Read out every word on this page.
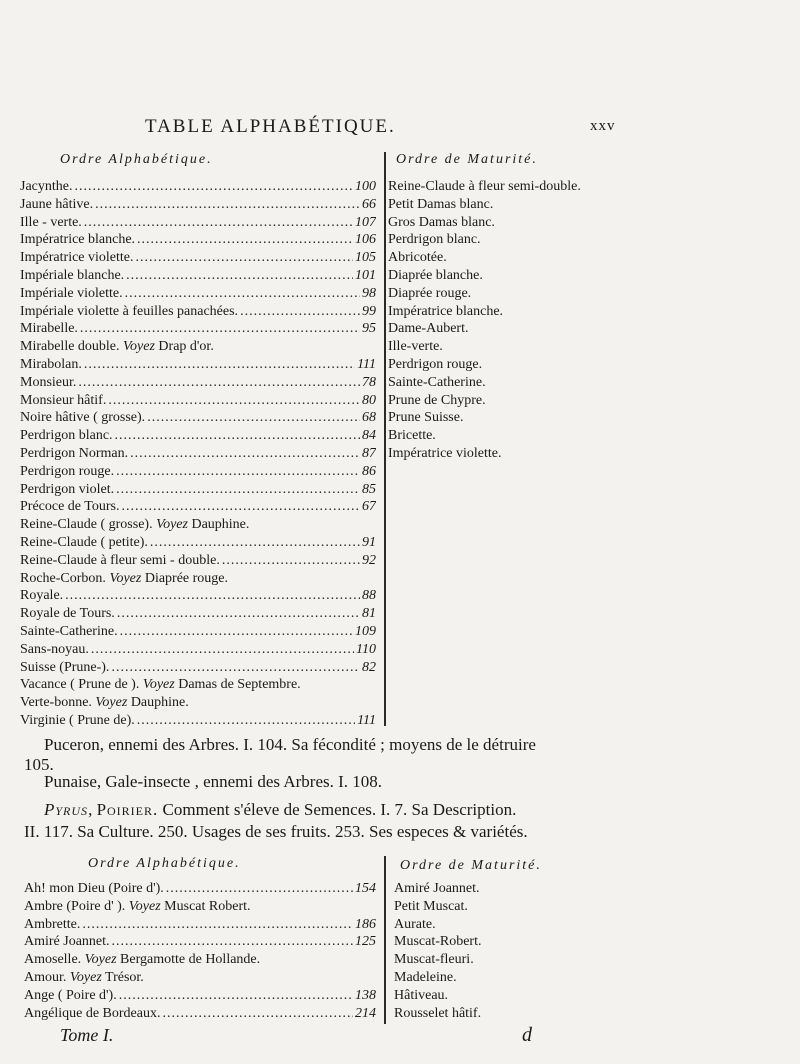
TABLE ALPHABÉTIQUE.	xxv
Ordre Alphabétique.	Ordre de Maturité.
Jacynthe. .....	100
Jaune hâtive. .....	66
Ille - verte. .....	107
Impératrice blanche. .....	106
Impératrice violette. .....	105
Impériale blanche. .....	101
Impériale violette. .....	98
Impériale violette à feuilles panachées. .....	99
Mirabelle. .....	95
Mirabelle double. Voyez Drap d'or.
Mirabolan. .....	111
Monsieur. .....	78
Monsieur hâtif. .....	80
Noire hâtive ( grosse). .....	68
Perdrigon blanc. .....	84
Perdrigon Norman. .....	87
Perdrigon rouge. .....	86
Perdrigon violet. .....	85
Précoce de Tours. .....	67
Reine-Claude ( grosse). Voyez Dauphine.
Reine-Claude ( petite). .....	91
Reine-Claude à fleur semi - double. .....	92
Roche-Corbon. Voyez Diaprée rouge.
Royale. .....	88
Royale de Tours. .....	81
Sainte-Catherine. .....	109
Sans-noyau. .....	110
Suisse (Prune-). .....	82
Vacance ( Prune de ). Voyez Damas de Septembre.
Verte-bonne. Voyez Dauphine.
Virginie ( Prune de). .....	111
Reine-Claude à fleur semi-double.
Petit Damas blanc.
Gros Damas blanc.
Perdrigon blanc.
Abricotée.
Diaprée blanche.
Diaprée rouge.
Impératrice blanche.
Dame-Aubert.
Ille-verte.
Perdrigon rouge.
Sainte-Catherine.
Prune de Chypre.
Prune Suisse.
Bricette.
Impératrice violette.
Puceron, ennemi des Arbres. I. 104. Sa fécondité ; moyens de le détruire
105.
Punaise, Gale-insecte , ennemi des Arbres. I. 108.
Pyrus, Poirier. Comment s'éleve de Semences. I. 7. Sa Description.
II. 117. Sa Culture. 250. Usages de ses fruits. 253. Ses especes & variétés.
Ordre Alphabétique.	Ordre de Maturité.
Ah! mon Dieu (Poire d'). .....	154
Ambre (Poire d' ). Voyez Muscat Robert.
Ambrette. .....	186
Amiré Joannet. .....	125
Amoselle. Voyez Bergamotte de Hollande.
Amour. Voyez Trésor.
Ange ( Poire d'). .....	138
Angélique de Bordeaux. .....	214
Amiré Joannet.
Petit Muscat.
Aurate.
Muscat-Robert.
Muscat-fleuri.
Madeleine.
Hâtiveau.
Rousselet hâtif.
Tome I.	d
